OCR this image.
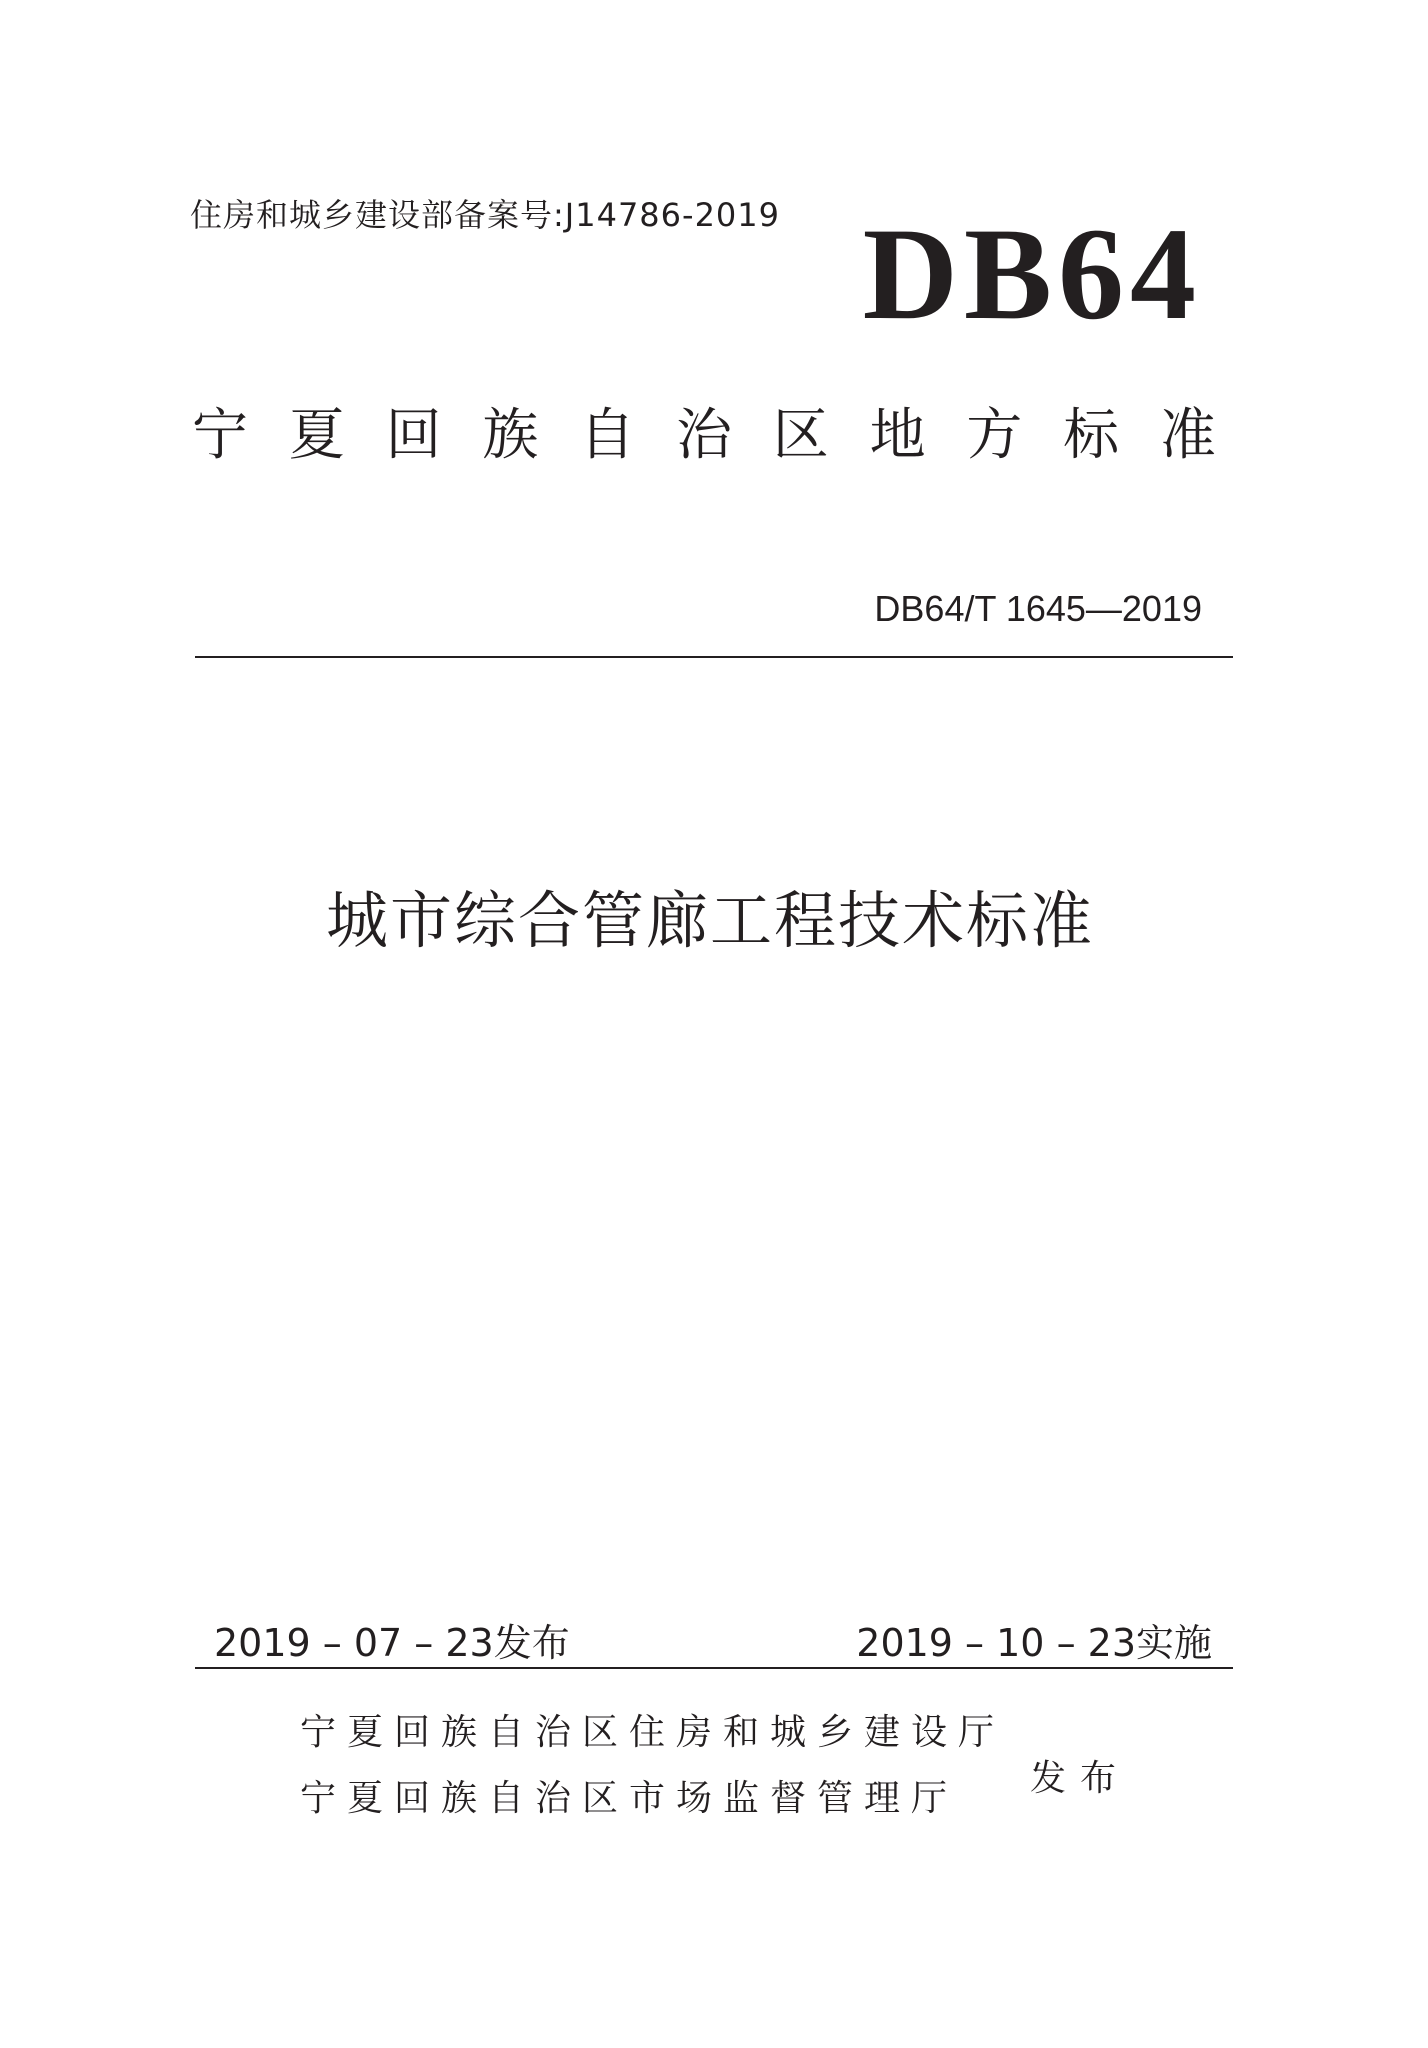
住房和城乡建设部备案号:J14786-2019 DB64
宁 夏 回 族 自 治 区 地 方 标 准
DB64/T 1645—2019
城市综合管廊工程技术标准
2019 – 07 – 23发布	2019 – 10 – 23实施
宁夏回族自治区住房和城乡建设厅
宁夏回族自治区市场监督管理厅	发布
